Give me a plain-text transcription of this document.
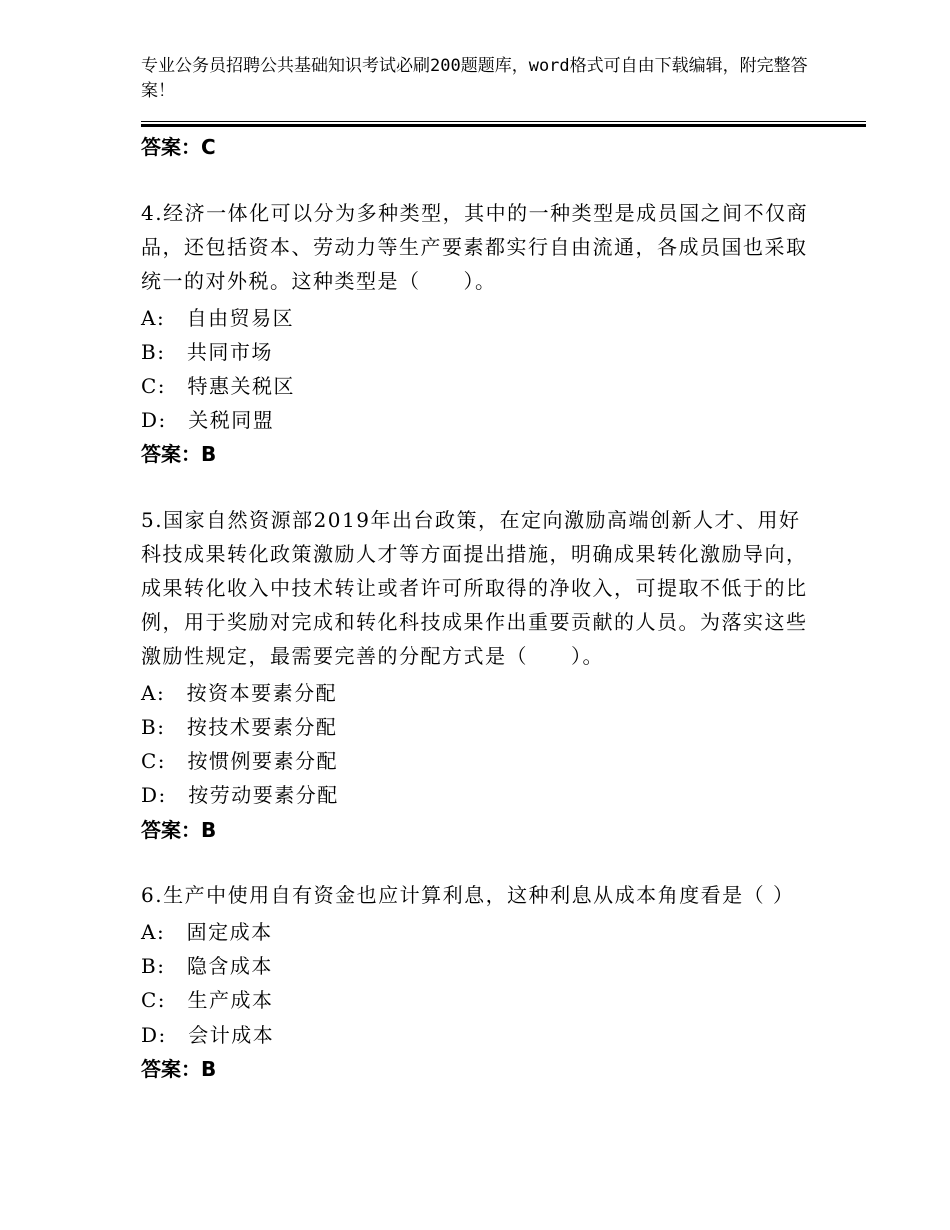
专业公务员招聘公共基础知识考试必刷200题题库，word格式可自由下载编辑，附完整答案！
答案：C
4.经济一体化可以分为多种类型，其中的一种类型是成员国之间不仅商品，还包括资本、劳动力等生产要素都实行自由流通，各成员国也采取统一的对外税。这种类型是（　　）。
A:　自由贸易区
B:　共同市场
C:　特惠关税区
D:　关税同盟
答案：B
5.国家自然资源部2019年出台政策，在定向激励高端创新人才、用好科技成果转化政策激励人才等方面提出措施，明确成果转化激励导向，成果转化收入中技术转让或者许可所取得的净收入，可提取不低于的比例，用于奖励对完成和转化科技成果作出重要贡献的人员。为落实这些激励性规定，最需要完善的分配方式是（　　）。
A:　按资本要素分配
B:　按技术要素分配
C:　按惯例要素分配
D:　按劳动要素分配
答案：B
6.生产中使用自有资金也应计算利息，这种利息从成本角度看是（ ）
A:　固定成本
B:　隐含成本
C:　生产成本
D:　会计成本
答案：B
